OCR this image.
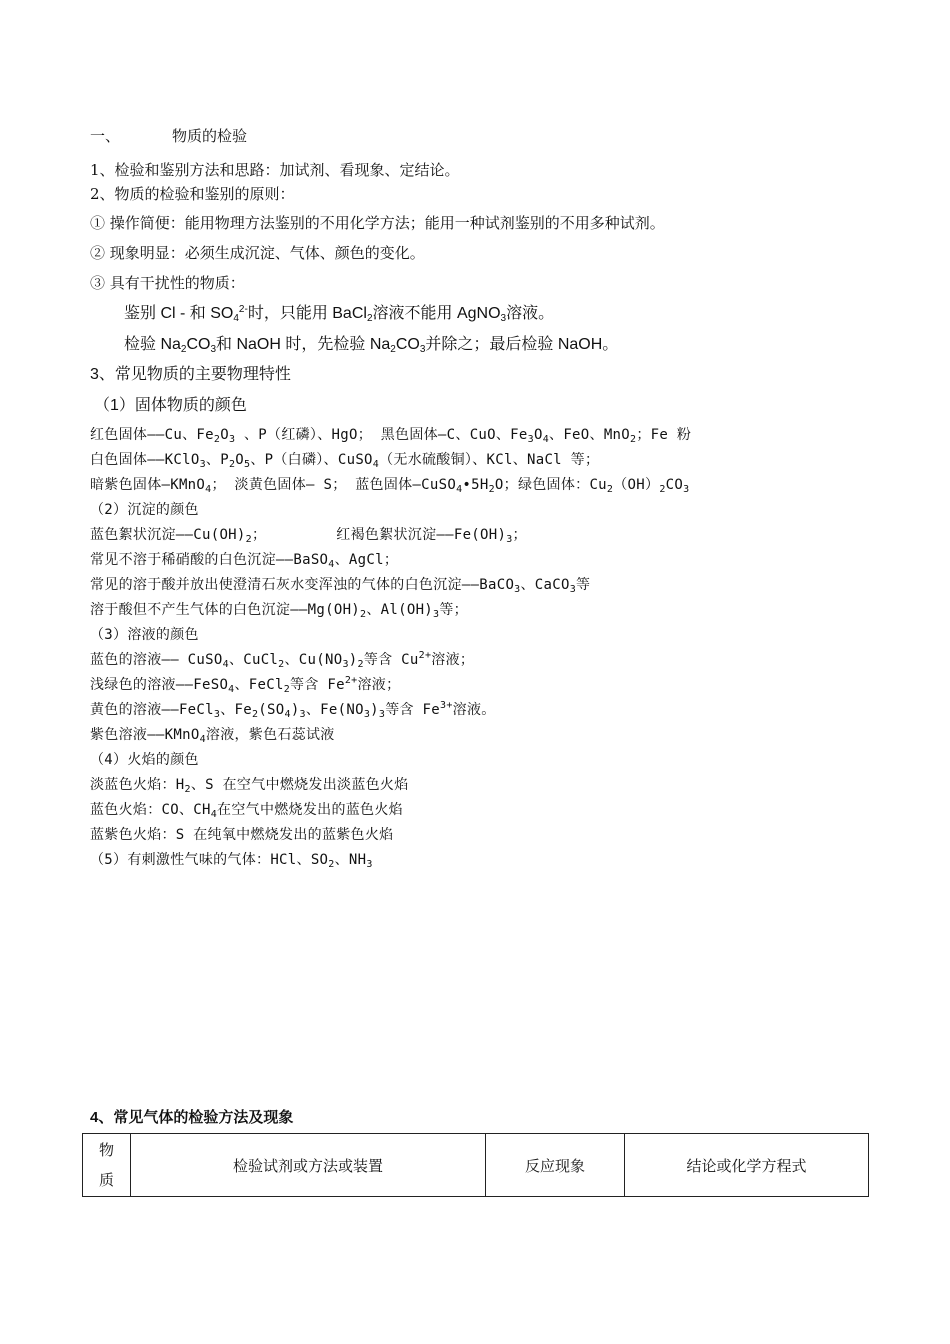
一、	物质的检验
1、检验和鉴别方法和思路：加试剂、看现象、定结论。
2、物质的检验和鉴别的原则：
① 操作简便：能用物理方法鉴别的不用化学方法；能用一种试剂鉴别的不用多种试剂。
② 现象明显：必须生成沉淀、气体、颜色的变化。
③ 具有干扰性的物质：
鉴别 Cl - 和 $SO_4^{2-}$时，只能用 BaCl$_2$溶液不能用 AgNO$_3$溶液。
检验 $Na_2CO_3$和 NaOH 时，先检验 $Na_2CO_3$并除之；最后检验 NaOH。
3、常见物质的主要物理特性
（1）固体物质的颜色
红色固体——Cu、$Fe_2O_3$ 、P（红磷）、HgO； 黑色固体—C、CuO、$Fe_3O_4$、FeO、MnO$_2$；Fe 粉
白色固体——KClO$_3$、$P_2O_5$、P（白磷）、CuSO$_4$（无水硫酸铜）、KCl、NaCl 等；
暗紫色固体—KMnO$_4$； 淡黄色固体— S； 蓝色固体$—CuSO_4•5H_2O$；绿色固体：$Cu_2(OH)_2CO_3$
（2）沉淀的颜色
蓝色絮状沉淀$——Cu(OH)_2$；	红褐色絮状沉淀$——Fe(OH)_3$；
常见不溶于稀硝酸的白色沉淀——BaSO$_4$、AgCl；
常见的溶于酸并放出使澄清石灰水变浑浊的气体的白色沉淀——BaCO$_3$、CaCO$_3$等
溶于酸但不产生气体的白色沉淀$——Mg(OH)_2$、$Al(OH)_3$等；
（3）溶液的颜色
蓝色的溶液—— CuSO$_4$、CuCl$_2$、$Cu(NO_3)_2$等含 $Cu^{2+}$溶液；
浅绿色的溶液——FeSO$_4$、FeCl$_2$等含 $Fe^{2+}$溶液；
黄色的溶液——FeCl$_3$、$Fe_2(SO_4)_3$、$Fe(NO_3)_3$等含 $Fe^{3+}$溶液。
紫色溶液——KMnO$_4$溶液，紫色石蕊试液
（4）火焰的颜色
淡蓝色火焰：$H_2$、S 在空气中燃烧发出淡蓝色火焰
蓝色火焰：CO、$CH_4$在空气中燃烧发出的蓝色火焰
蓝紫色火焰：S 在纯氧中燃烧发出的蓝紫色火焰
（5）有刺激性气味的气体：HCl、$SO_2$、$NH_3$
4、常见气体的检验方法及现象
物
质
	检验试剂或方法或装置	反应现象	结论或化学方程式
